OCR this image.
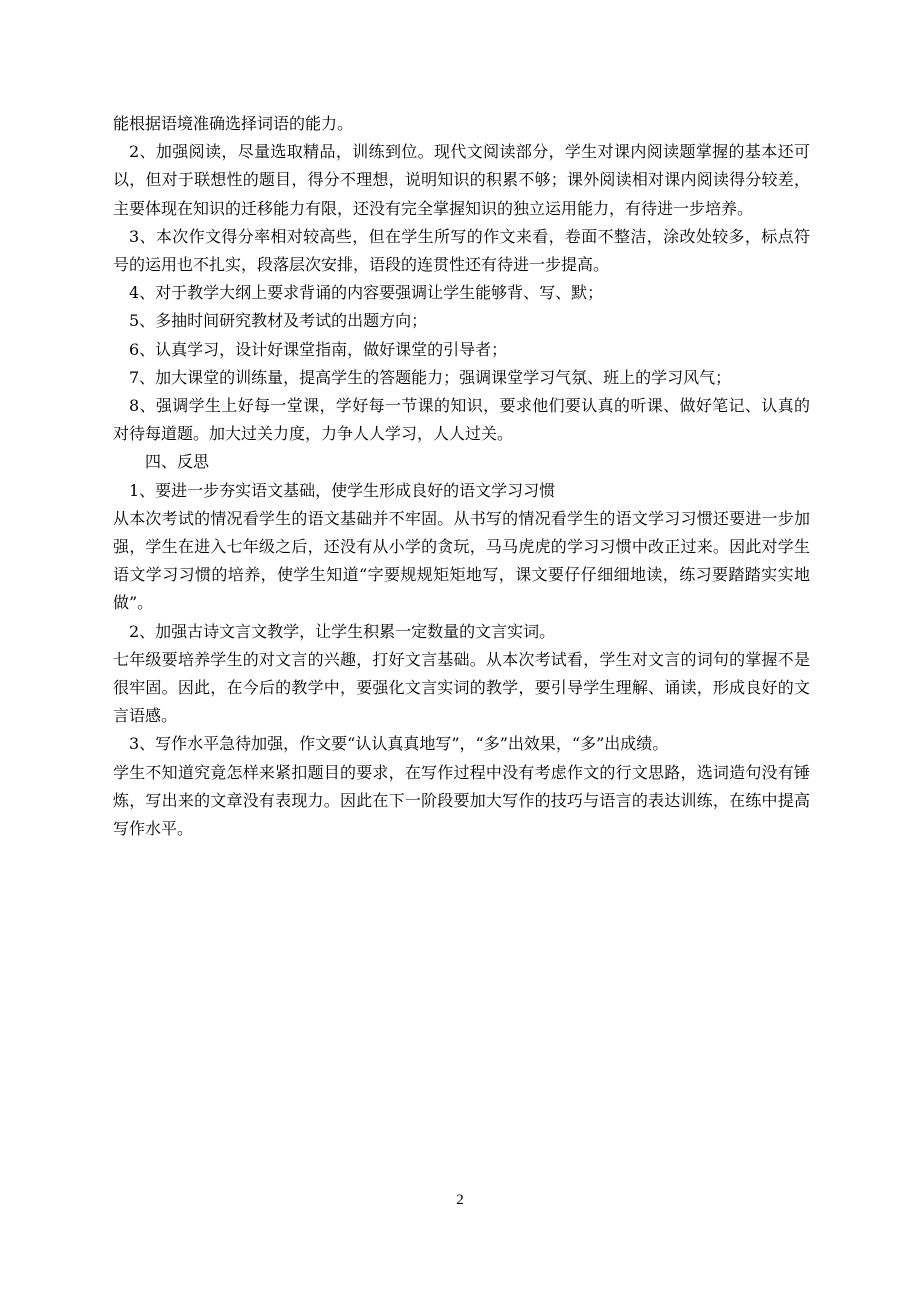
能根据语境准确选择词语的能力。

2、加强阅读，尽量选取精品，训练到位。现代文阅读部分，学生对课内阅读题掌握的基本还可以，但对于联想性的题目，得分不理想，说明知识的积累不够；课外阅读相对课内阅读得分较差，主要体现在知识的迁移能力有限，还没有完全掌握知识的独立运用能力，有待进一步培养。

3、本次作文得分率相对较高些，但在学生所写的作文来看，卷面不整洁，涂改处较多，标点符号的运用也不扎实，段落层次安排，语段的连贯性还有待进一步提高。

4、对于教学大纲上要求背诵的内容要强调让学生能够背、写、默；

5、多抽时间研究教材及考试的出题方向；

6、认真学习，设计好课堂指南，做好课堂的引导者；

7、加大课堂的训练量，提高学生的答题能力；强调课堂学习气氛、班上的学习风气；

8、强调学生上好每一堂课，学好每一节课的知识，要求他们要认真的听课、做好笔记、认真的对待每道题。加大过关力度，力争人人学习，人人过关。

四、反思

1、要进一步夯实语文基础，使学生形成良好的语文学习习惯

从本次考试的情况看学生的语文基础并不牢固。从书写的情况看学生的语文学习习惯还要进一步加强，学生在进入七年级之后，还没有从小学的贪玩，马马虎虎的学习习惯中改正过来。因此对学生语文学习习惯的培养，使学生知道“字要规规矩矩地写，课文要仔仔细细地读，练习要踏踏实实地做”。

2、加强古诗文言文教学，让学生积累一定数量的文言实词。

七年级要培养学生的对文言的兴趣，打好文言基础。从本次考试看，学生对文言的词句的掌握不是很牢固。因此，在今后的教学中，要强化文言实词的教学，要引导学生理解、诵读，形成良好的文言语感。

3、写作水平急待加强，作文要“认认真真地写”，“多”出效果，“多”出成绩。

学生不知道究竟怎样来紧扣题目的要求，在写作过程中没有考虑作文的行文思路，选词造句没有锤炼，写出来的文章没有表现力。因此在下一阶段要加大写作的技巧与语言的表达训练，在练中提高写作水平。

2
